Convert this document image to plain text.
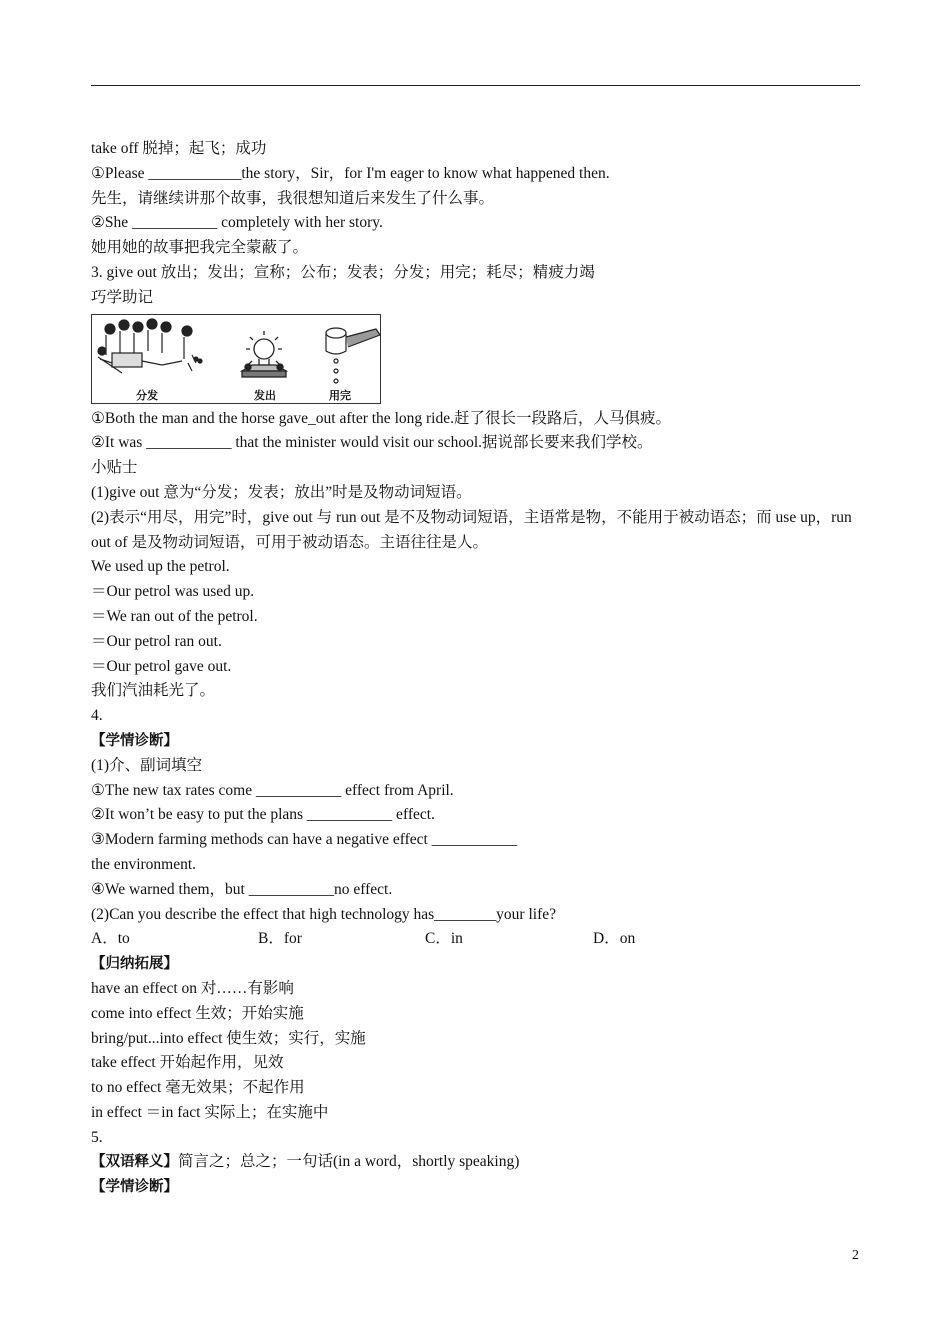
take off 脱掉；起飞；成功
①Please ____________the story，Sir，for I'm eager to know what happened then.
先生，请继续讲那个故事，我很想知道后来发生了什么事。
②She ___________ completely with her story.
她用她的故事把我完全蒙蔽了。
3. give out 放出；发出；宣称；公布；发表；分发；用完；耗尽；精疲力竭
巧学助记
分发	发出	用完
①Both the man and the horse gave_out after the long ride.赶了很长一段路后，人马俱疲。
②It was ___________ that the minister would visit our school.据说部长要来我们学校。
小贴士
(1)give out 意为“分发；发表；放出”时是及物动词短语。
(2)表示“用尽，用完”时，give out 与 run out 是不及物动词短语，主语常是物，不能用于被动语态；而 use up，run out of 是及物动词短语，可用于被动语态。主语往往是人。
We used up the petrol.
＝Our petrol was used up.
＝We ran out of the petrol.
＝Our petrol ran out.
＝Our petrol gave out.
我们汽油耗光了。
4.
【学情诊断】
(1)介、副词填空
①The new tax rates come ___________ effect from April.
②It won’t be easy to put the plans ___________ effect.
③Modern farming methods can have a negative effect ___________
the environment.
④We warned them，but ___________no effect.
(2)Can you describe the effect that high technology has________your life?
A．to	B．for	C．in	D．on
【归纳拓展】
have an effect on 对……有影响
come into effect 生效；开始实施
bring/put...into effect 使生效；实行，实施
take effect 开始起作用，见效
to no effect 毫无效果；不起作用
in effect ＝in fact 实际上；在实施中
5.
【双语释义】简言之；总之；一句话(in a word，shortly speaking)
【学情诊断】
2
